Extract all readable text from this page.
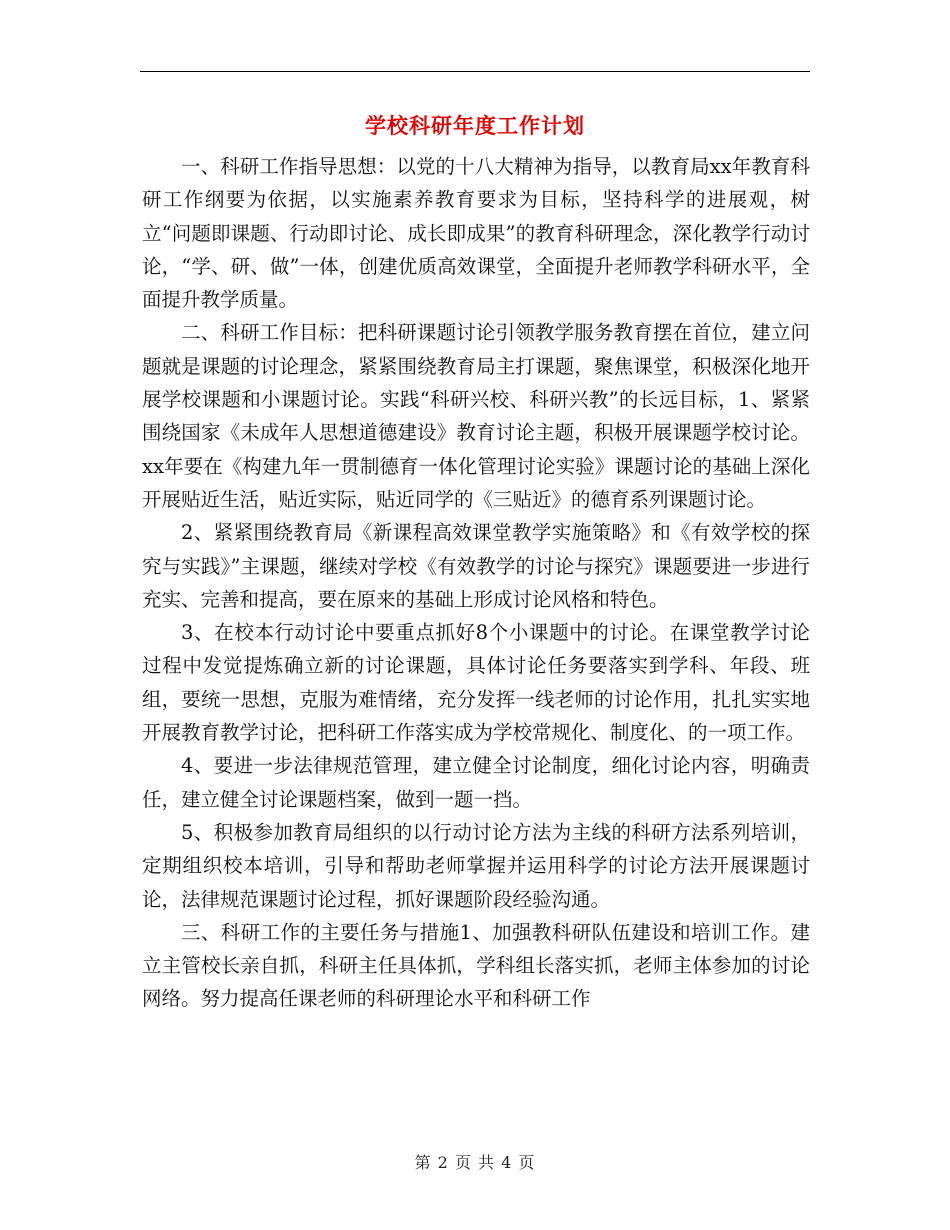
学校科研年度工作计划

一、科研工作指导思想：以党的十八大精神为指导，以教育局xx年教育科研工作纲要为依据，以实施素养教育要求为目标，坚持科学的进展观，树立“问题即课题、行动即讨论、成长即成果”的教育科研理念，深化教学行动讨论，“学、研、做”一体，创建优质高效课堂，全面提升老师教学科研水平，全面提升教学质量。

二、科研工作目标：把科研课题讨论引领教学服务教育摆在首位，建立问题就是课题的讨论理念，紧紧围绕教育局主打课题，聚焦课堂，积极深化地开展学校课题和小课题讨论。实践“科研兴校、科研兴教”的长远目标，1、紧紧围绕国家《未成年人思想道德建设》教育讨论主题，积极开展课题学校讨论。xx年要在《构建九年一贯制德育一体化管理讨论实验》课题讨论的基础上深化开展贴近生活，贴近实际，贴近同学的《三贴近》的德育系列课题讨论。

2、紧紧围绕教育局《新课程高效课堂教学实施策略》和《有效学校的探究与实践》”主课题，继续对学校《有效教学的讨论与探究》课题要进一步进行充实、完善和提高，要在原来的基础上形成讨论风格和特色。

3、在校本行动讨论中要重点抓好8个小课题中的讨论。在课堂教学讨论过程中发觉提炼确立新的讨论课题，具体讨论任务要落实到学科、年段、班组，要统一思想，克服为难情绪，充分发挥一线老师的讨论作用，扎扎实实地开展教育教学讨论，把科研工作落实成为学校常规化、制度化、的一项工作。

4、要进一步法律规范管理，建立健全讨论制度，细化讨论内容，明确责任，建立健全讨论课题档案，做到一题一挡。

5、积极参加教育局组织的以行动讨论方法为主线的科研方法系列培训，定期组织校本培训，引导和帮助老师掌握并运用科学的讨论方法开展课题讨论，法律规范课题讨论过程，抓好课题阶段经验沟通。

三、科研工作的主要任务与措施1、加强教科研队伍建设和培训工作。建立主管校长亲自抓，科研主任具体抓，学科组长落实抓，老师主体参加的讨论网络。努力提高任课老师的科研理论水平和科研工作

第 2 页 共 4 页
